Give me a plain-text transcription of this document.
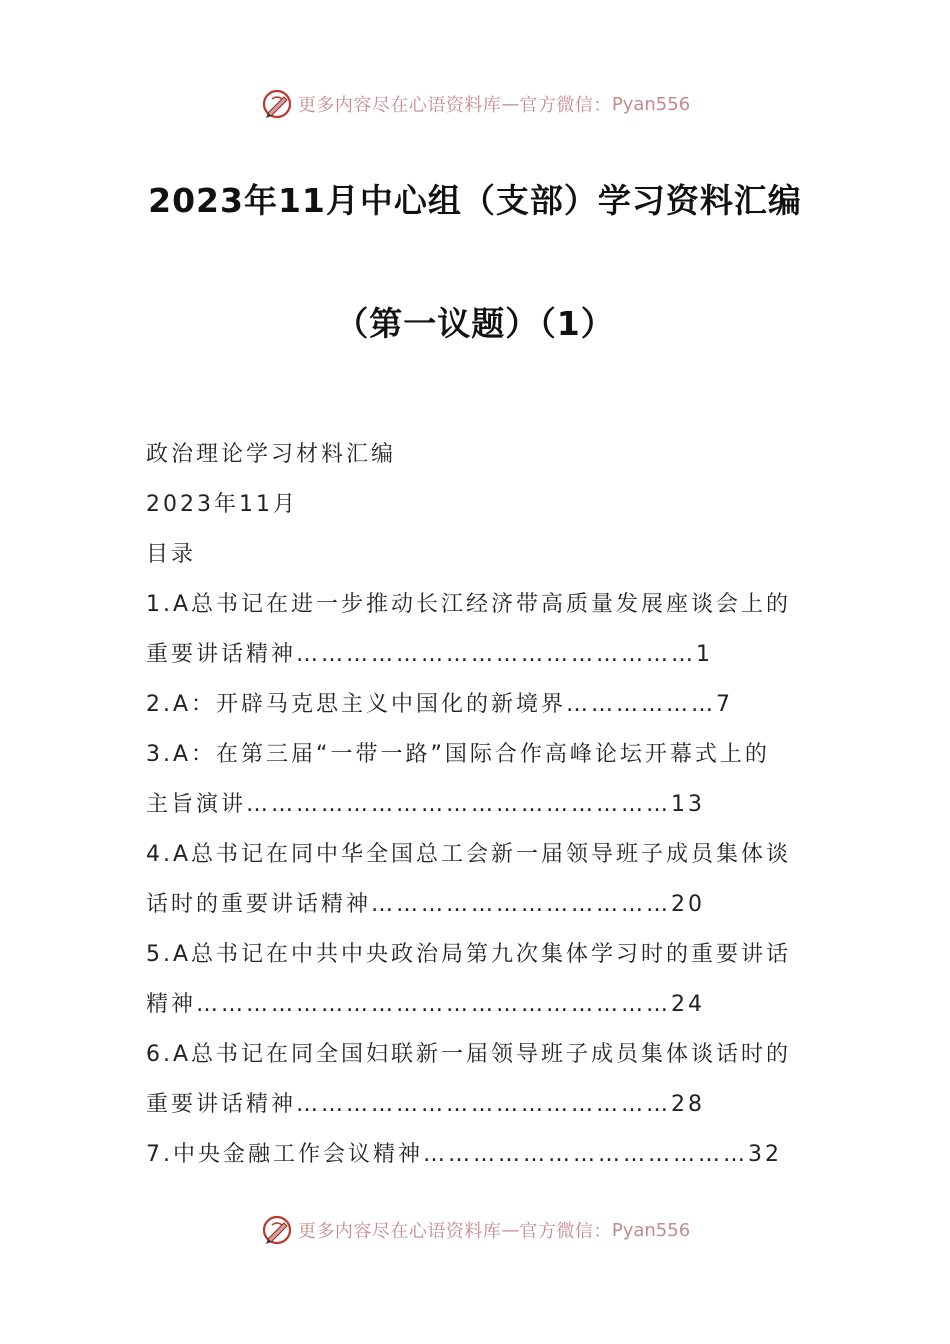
更多内容尽在心语资料库 — 官方微信： Pyan556
2023年11月中心组（支部）学习资料汇编
（第一议题）（1）
政治理论学习材料汇编
2023年11月
目录
1.A总书记在进一步推动长江经济带高质量发展座谈会上的
重要讲话精神…………………………………………1
2.A：开辟马克思主义中国化的新境界………………7
3.A：在第三届“一带一路”国际合作高峰论坛开幕式上的
主旨演讲……………………………………………13
4.A总书记在同中华全国总工会新一届领导班子成员集体谈
话时的重要讲话精神………………………………20
5.A总书记在中共中央政治局第九次集体学习时的重要讲话
精神…………………………………………………24
6.A总书记在同全国妇联新一届领导班子成员集体谈话时的
重要讲话精神………………………………………28
7.中央金融工作会议精神…………………………………32
更多内容尽在心语资料库 — 官方微信： Pyan556
